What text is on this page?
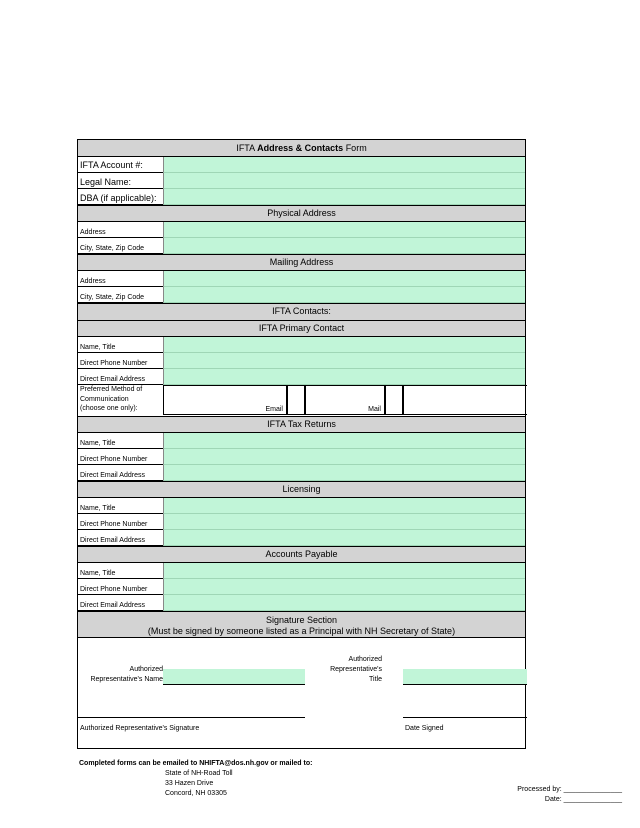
IFTA Address & Contacts Form
IFTA Account #:
Legal Name:
DBA (if applicable):
Physical Address
Address
City, State, Zip Code
Mailing Address
Address
City, State, Zip Code
IFTA Contacts:
IFTA Primary Contact
Name, Title
Direct Phone Number
Direct Email Address
Preferred Method of
Communication
(choose one only):	Email	Mail
IFTA Tax Returns
Name, Title
Direct Phone Number
Direct Email Address
Licensing
Name, Title
Direct Phone Number
Direct Email Address
Accounts Payable
Name, Title
Direct Phone Number
Direct Email Address
Signature Section
(Must be signed by someone listed as a Principal with NH Secretary of State)
Authorized
Representative's Name
Authorized
Representative's
Title
Authorized Representative's Signature	Date Signed
Completed forms can be emailed to NHIFTA@dos.nh.gov or mailed to:
State of NH-Road Toll
33 Hazen Drive
Concord, NH 03305
Processed by: _______________
Date: _______________
